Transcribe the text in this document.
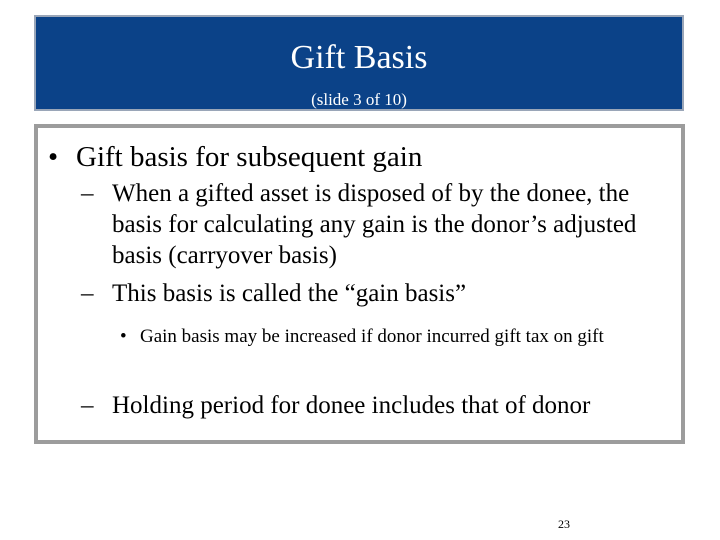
Gift Basis
(slide 3 of 10)
• Gift basis for subsequent gain
– When a gifted asset is disposed of by the donee, the basis for calculating any gain is the donor’s adjusted basis (carryover basis)
– This basis is called the “gain basis”
• Gain basis may be increased if donor incurred gift tax on gift
– Holding period for donee includes that of donor
23
